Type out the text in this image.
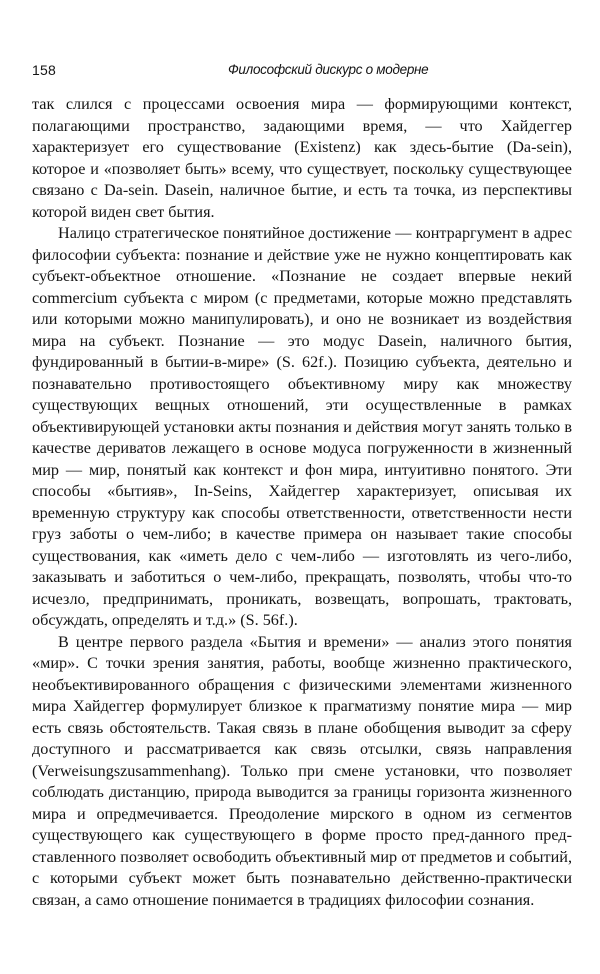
158	Философский дискурс о модерне

так слился с процессами освоения мира — формирующими контекст, полагающими пространство, задающими время, — что Хайдеггер характеризует его существование (Existenz) как здесь-бытие (Da-sein), которое и «позволяет быть» всему, что существует, поскольку существующее связано с Da-sein. Dasein, наличное бытие, и есть та точка, из перспективы которой виден свет бытия.

Налицо стратегическое понятийное достижение — контраргумент в адрес философии субъекта: познание и действие уже не нужно концептировать как субъект-объектное отношение. «Познание не создает впервые некий commercium субъекта с миром (с предметами, которые можно представлять или которыми можно манипулировать), и оно не возникает из воздействия мира на субъект. Познание — это модус Dasein, наличного бытия, фундированный в бытии-в-мире» (S. 62f.). Позицию субъекта, деятельно и познавательно противостоящего объективному миру как множеству существующих вещных отношений, эти осуществленные в рамках объективирующей установки акты познания и действия могут занять только в качестве дериватов лежащего в основе модуса погруженности в жизненный мир — мир, понятый как контекст и фон мира, интуитивно понятого. Эти способы «бытияв», In-Seins, Хайдеггер характеризует, описывая их временную структуру как способы ответственности, ответственности нести груз заботы о чем-либо; в качестве примера он называет такие способы существования, как «иметь дело с чем-либо — изготовлять из чего-либо, заказывать и заботиться о чем-либо, прекращать, позволять, чтобы что-то исчезло, предпринимать, проникать, возвещать, вопрошать, трактовать, обсуждать, определять и т.д.» (S. 56f.).

В центре первого раздела «Бытия и времени» — анализ этого понятия «мир». С точки зрения занятия, работы, вообще жизненно практического, необъективированного обращения с физическими элементами жизненного мира Хайдеггер формулирует близкое к прагматизму понятие мира — мир есть связь обстоятельств. Такая связь в плане обобщения выводит за сферу доступного и рассматривается как связь отсылки, связь направления (Verweisungszusammenhang). Только при смене установки, что позволяет соблюдать дистанцию, природа выводится за границы горизонта жизненного мира и опредмечивается. Преодоление мирского в одном из сегментов существующего как существующего в форме просто пред-данного пред-ставленного позволяет освободить объективный мир от предметов и событий, с которыми субъект может быть познавательно действенно-практически связан, а само отношение понимается в традициях философии сознания.
